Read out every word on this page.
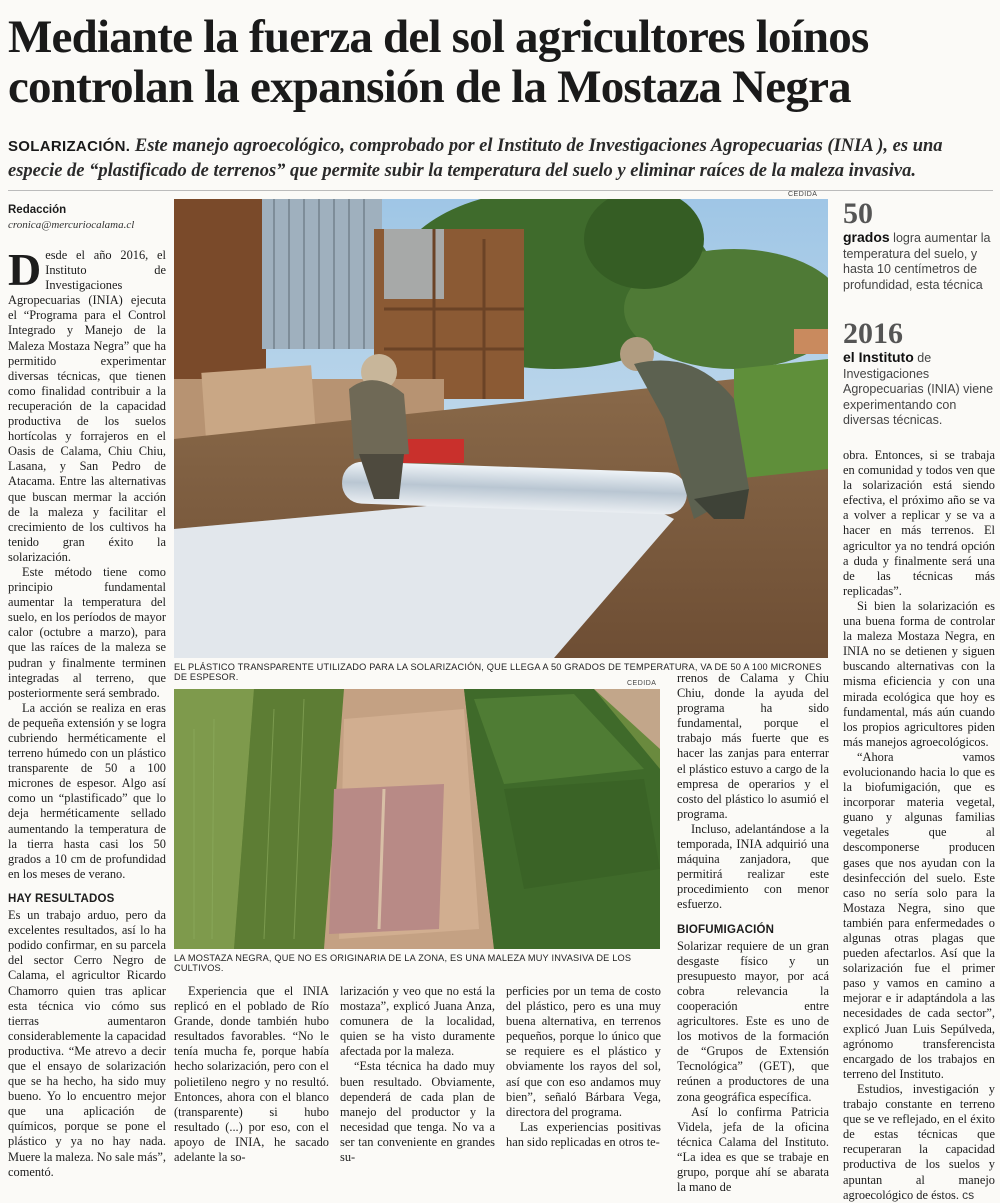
Mediante la fuerza del sol agricultores loínos controlan la expansión de la Mostaza Negra
SOLARIZACIÓN. Este manejo agroecológico, comprobado por el Instituto de Investigaciones Agropecuarias (INIA ), es una especie de “plastificado de terrenos” que permite subir la temperatura del suelo y eliminar raíces de la maleza invasiva.
Redacción
cronica@mercuriocalama.cl

Desde el año 2016, el Instituto de Investigaciones Agropecuarias (INIA) ejecuta el “Programa para el Control Integrado y Manejo de la Maleza Mostaza Negra” que ha permitido experimentar diversas técnicas, que tienen como finalidad contribuir a la recuperación de la capacidad productiva de los suelos hortícolas y forrajeros en el Oasis de Calama, Chiu Chiu, Lasana, y San Pedro de Atacama. Entre las alternativas que buscan mermar la acción de la maleza y facilitar el crecimiento de los cultivos ha tenido gran éxito la solarización.

Este método tiene como principio fundamental aumentar la temperatura del suelo, en los períodos de mayor calor (octubre a marzo), para que las raíces de la maleza se pudran y finalmente terminen integradas al terreno, que posteriormente será sembrado.

La acción se realiza en eras de pequeña extensión y se logra cubriendo herméticamente el terreno húmedo con un plástico transparente de 50 a 100 micrones de espesor. Algo así como un “plastificado” que lo deja herméticamente sellado aumentando la temperatura de la tierra hasta casi los 50 grados a 10 cm de profundidad en los meses de verano.

HAY RESULTADOS

Es un trabajo arduo, pero da excelentes resultados, así lo ha podido confirmar, en su parcela del sector Cerro Negro de Calama, el agricultor Ricardo Chamorro quien tras aplicar esta técnica vio cómo sus tierras aumentaron considerablemente la capacidad productiva. “Me atrevo a decir que el ensayo de solarización que se ha hecho, ha sido muy bueno. Yo lo encuentro mejor que una aplicación de químicos, porque se pone el plástico y ya no hay nada. Muere la maleza. No sale más”, comentó.

CEDIDA
EL PLÁSTICO TRANSPARENTE UTILIZADO PARA LA SOLARIZACIÓN, QUE LLEGA A 50 GRADOS DE TEMPERATURA, VA DE 50 A 100 MICRONES DE ESPESOR.
CEDIDA
LA MOSTAZA NEGRA, QUE NO ES ORIGINARIA DE LA ZONA, ES UNA MALEZA MUY INVASIVA DE LOS CULTIVOS.

Experiencia que el INIA replicó en el poblado de Río Grande, donde también hubo resultados favorables. “No le tenía mucha fe, porque había hecho solarización, pero con el polietileno negro y no resultó. Entonces, ahora con el blanco (transparente) si hubo resultado (...) por eso, con el apoyo de INIA, he sacado adelante la so-

larización y veo que no está la mostaza”, explicó Juana Anza, comunera de la localidad, quien se ha visto duramente afectada por la maleza.

“Esta técnica ha dado muy buen resultado. Obviamente, dependerá de cada plan de manejo del productor y la necesidad que tenga. No va a ser tan conveniente en grandes su-

perficies por un tema de costo del plástico, pero es una muy buena alternativa, en terrenos pequeños, porque lo único que se requiere es el plástico y obviamente los rayos del sol, así que con eso andamos muy bien”, señaló Bárbara Vega, directora del programa.

Las experiencias positivas han sido replicadas en otros te-

rrenos de Calama y Chiu Chiu, donde la ayuda del programa ha sido fundamental, porque el trabajo más fuerte que es hacer las zanjas para enterrar el plástico estuvo a cargo de la empresa de operarios y el costo del plástico lo asumió el programa.

Incluso, adelantándose a la temporada, INIA adquirió una máquina zanjadora, que permitirá realizar este procedimiento con menor esfuerzo.

BIOFUMIGACIÓN

Solarizar requiere de un gran desgaste físico y un presupuesto mayor, por acá cobra relevancia la cooperación entre agricultores. Este es uno de los motivos de la formación de “Grupos de Extensión Tecnológica” (GET), que reúnen a productores de una zona geográfica específica.

Así lo confirma Patricia Videla, jefa de la oficina técnica Calama del Instituto. “La idea es que se trabaje en grupo, porque ahí se abarata la mano de

50
grados logra aumentar la temperatura del suelo, y hasta 10 centímetros de profundidad, esta técnica
2016
el Instituto de Investigaciones Agropecuarias (INIA) viene experimentando con diversas técnicas.

obra. Entonces, si se trabaja en comunidad y todos ven que la solarización está siendo efectiva, el próximo año se va a volver a replicar y se va a hacer en más terrenos. El agricultor ya no tendrá opción a duda y finalmente será una de las técnicas más replicadas”.

Si bien la solarización es una buena forma de controlar la maleza Mostaza Negra, en INIA no se detienen y siguen buscando alternativas con la misma eficiencia y con una mirada ecológica que hoy es fundamental, más aún cuando los propios agricultores piden más manejos agroecológicos.

“Ahora vamos evolucionando hacia lo que es la biofumigación, que es incorporar materia vegetal, guano y algunas familias vegetales que al descomponerse producen gases que nos ayudan con la desinfección del suelo. Este caso no sería solo para la Mostaza Negra, sino que también para enfermedades o algunas otras plagas que pueden afectarlos. Así que la solarización fue el primer paso y vamos en camino a mejorar e ir adaptándola a las necesidades de cada sector”, explicó Juan Luis Sepúlveda, agrónomo transferencista encargado de los trabajos en terreno del Instituto.

Estudios, investigación y trabajo constante en terreno que se ve reflejado, en el éxito de estas técnicas que recuperaran la capacidad productiva de los suelos y apuntan al manejo agroecológico de éstos. cs
